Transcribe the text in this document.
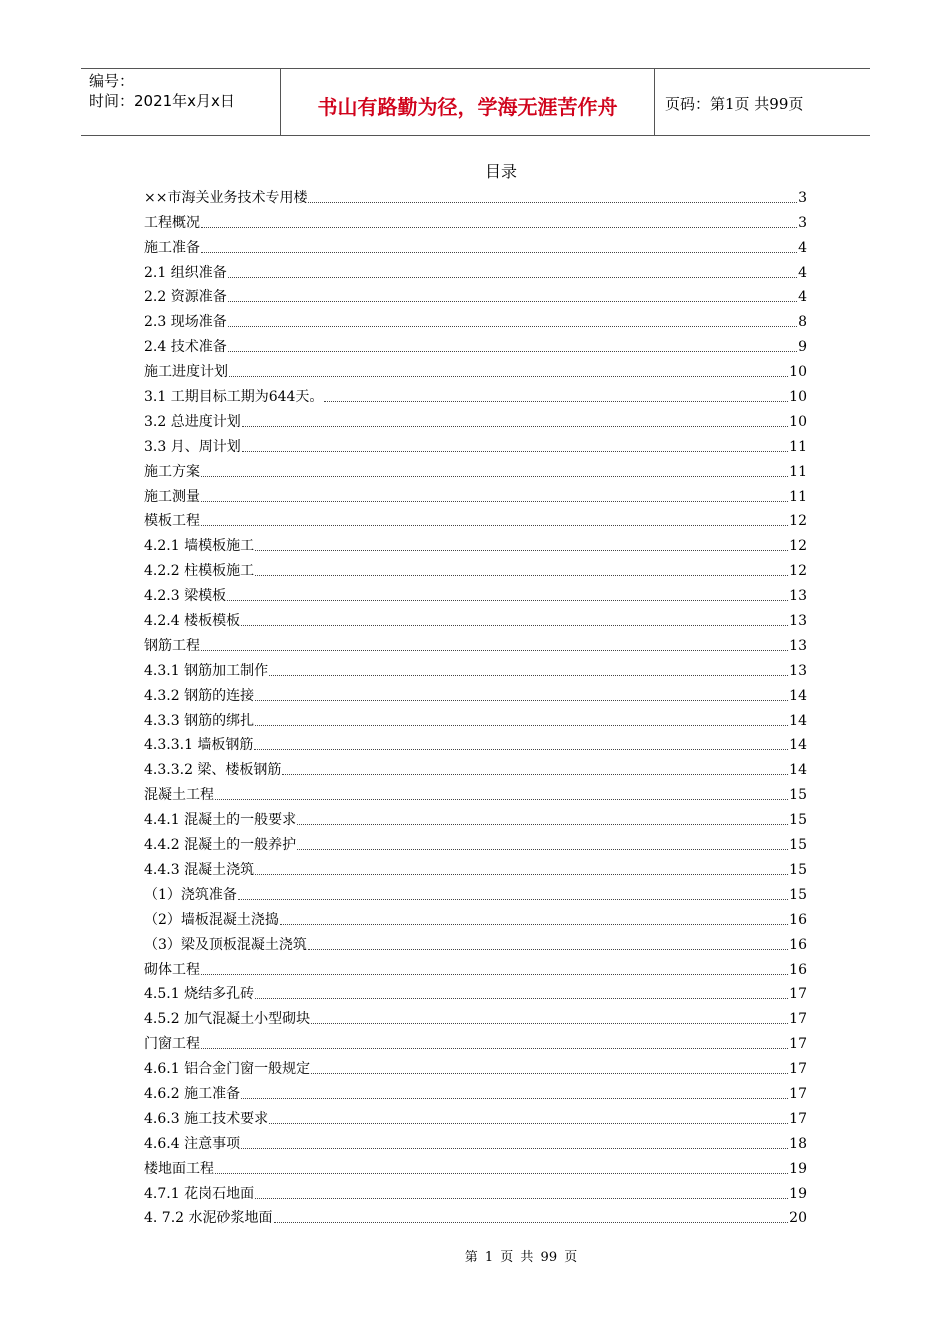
编号：
时间：2021年x月x日	书山有路勤为径，学海无涯苦作舟	页码：第1页 共99页
目录
××市海关业务技术专用楼	3
工程概况	3
施工准备	4
2.1 组织准备	4
2.2 资源准备	4
2.3 现场准备	8
2.4 技术准备	9
施工进度计划	10
3.1 工期目标工期为644天。	10
3.2 总进度计划	10
3.3 月、周计划	11
施工方案	11
施工测量	11
模板工程	12
4.2.1 墙模板施工	12
4.2.2 柱模板施工	12
4.2.3 梁模板	13
4.2.4 楼板模板	13
钢筋工程	13
4.3.1 钢筋加工制作	13
4.3.2 钢筋的连接	14
4.3.3 钢筋的绑扎	14
4.3.3.1 墙板钢筋	14
4.3.3.2 梁、楼板钢筋	14
混凝土工程	15
4.4.1 混凝土的一般要求	15
4.4.2 混凝土的一般养护	15
4.4.3 混凝土浇筑	15
（1）浇筑准备	15
（2）墙板混凝土浇捣	16
（3）梁及顶板混凝土浇筑	16
砌体工程	16
4.5.1 烧结多孔砖	17
4.5.2 加气混凝土小型砌块	17
门窗工程	17
4.6.1 铝合金门窗一般规定	17
4.6.2 施工准备	17
4.6.3 施工技术要求	17
4.6.4 注意事项	18
楼地面工程	19
4.7.1 花岗石地面	19
4. 7.2 水泥砂浆地面	20
第 1 页 共 99 页
